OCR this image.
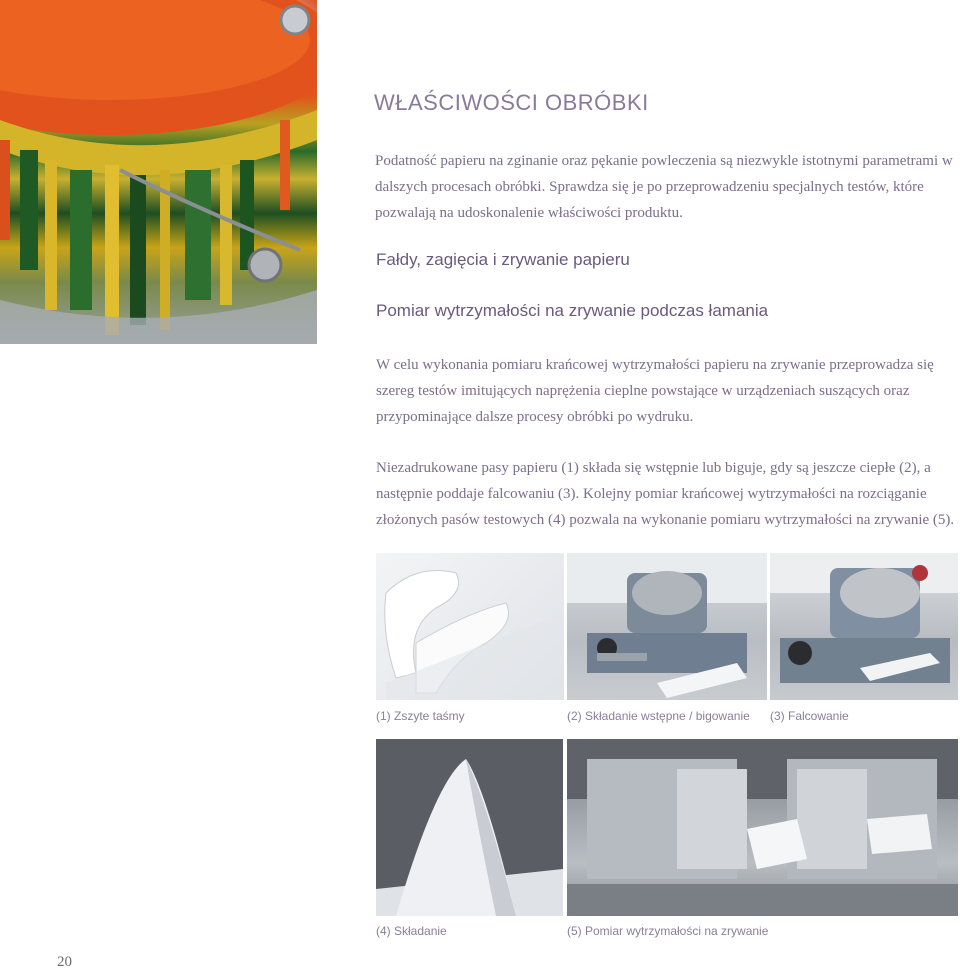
WŁAŚCIWOŚCI OBRÓBKI
Podatność papieru na zginanie oraz pękanie powleczenia są niezwykle istotnymi parametrami w dalszych procesach obróbki. Sprawdza się je po przeprowadzeniu specjalnych testów, które pozwalają na udoskonalenie właściwości produktu.
Fałdy, zagięcia i zrywanie papieru
Pomiar wytrzymałości na zrywanie podczas łamania
W celu wykonania pomiaru krańcowej wytrzymałości papieru na zrywanie przeprowadza się szereg testów imitujących naprężenia cieplne powstające w urządzeniach suszących oraz przypominające dalsze procesy obróbki po wydruku.
Niezadrukowane pasy papieru (1) składa się wstępnie lub biguje, gdy są jeszcze ciepłe (2), a następnie poddaje falcowaniu (3). Kolejny pomiar krańcowej wytrzymałości na rozciąganie złożonych pasów testowych (4) pozwala na wykonanie pomiaru wytrzymałości na zrywanie (5).
(1) Zszyte taśmy	(2) Składanie wstępne / bigowanie (3) Falcowanie
(4) Składanie	(5) Pomiar wytrzymałości na zrywanie
20
